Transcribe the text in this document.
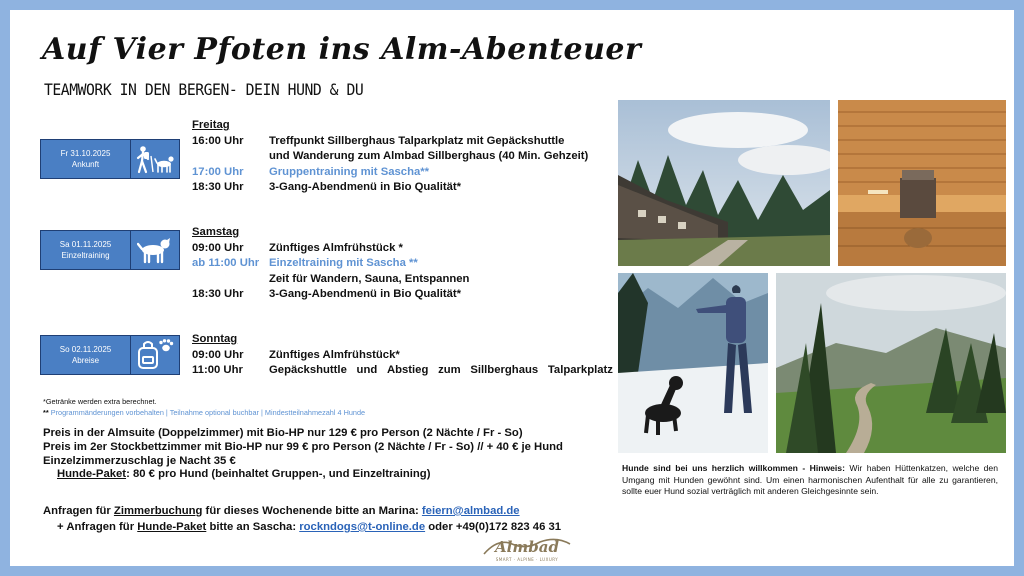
Auf Vier Pfoten ins Alm-Abenteuer
TEAMWORK IN DEN BERGEN- DEIN HUND & DU
Fr 31.10.2025
Ankunft
Sa 01.11.2025
Einzeltraining
So 02.11.2025
Abreise
Freitag
16:00 Uhr	Treffpunkt Sillberghaus Talparkplatz mit Gepäckshuttle
und Wanderung zum Almbad Sillberghaus (40 Min. Gehzeit)
17:00 Uhr	Gruppentraining mit Sascha**
18:30 Uhr	3-Gang-Abendmenü in Bio Qualität*
Samstag
09:00 Uhr	Zünftiges Almfrühstück *
ab 11:00 Uhr Einzeltraining mit Sascha **
Zeit für Wandern, Sauna, Entspannen
18:30 Uhr	3-Gang-Abendmenü in Bio Qualität*
Sonntag
09:00 Uhr	Zünftiges Almfrühstück*
11:00 Uhr	Gepäckshuttle und Abstieg zum Sillberghaus Talparkplatz
*Getränke werden extra berechnet.
** Programmänderungen vorbehalten | Teilnahme optional buchbar | Mindestteilnahmezahl 4 Hunde
Preis in der Almsuite (Doppelzimmer) mit Bio-HP nur 129 € pro Person (2 Nächte / Fr - So)
Preis im 2er Stockbettzimmer mit Bio-HP nur 99 € pro Person (2 Nächte / Fr - So) // + 40 € je Hund
Einzelzimmerzuschlag je Nacht 35 €
Hunde-Paket: 80 € pro Hund (beinhaltet Gruppen-, und Einzeltraining)
Anfragen für Zimmerbuchung für dieses Wochenende bitte an Marina: feiern@almbad.de
+ Anfragen für Hunde-Paket bitte an Sascha: rockndogs@t-online.de oder +49(0)172 823 46 31
Hunde sind bei uns herzlich willkommen - Hinweis: Wir haben Hüttenkatzen, welche den Umgang mit Hunden gewöhnt sind. Um einen harmonischen Aufenthalt für alle zu garantieren, sollte euer Hund sozial verträglich mit anderen Gleichgesinnte sein.
Almbad
SMART · ALPINE · LUXURY
